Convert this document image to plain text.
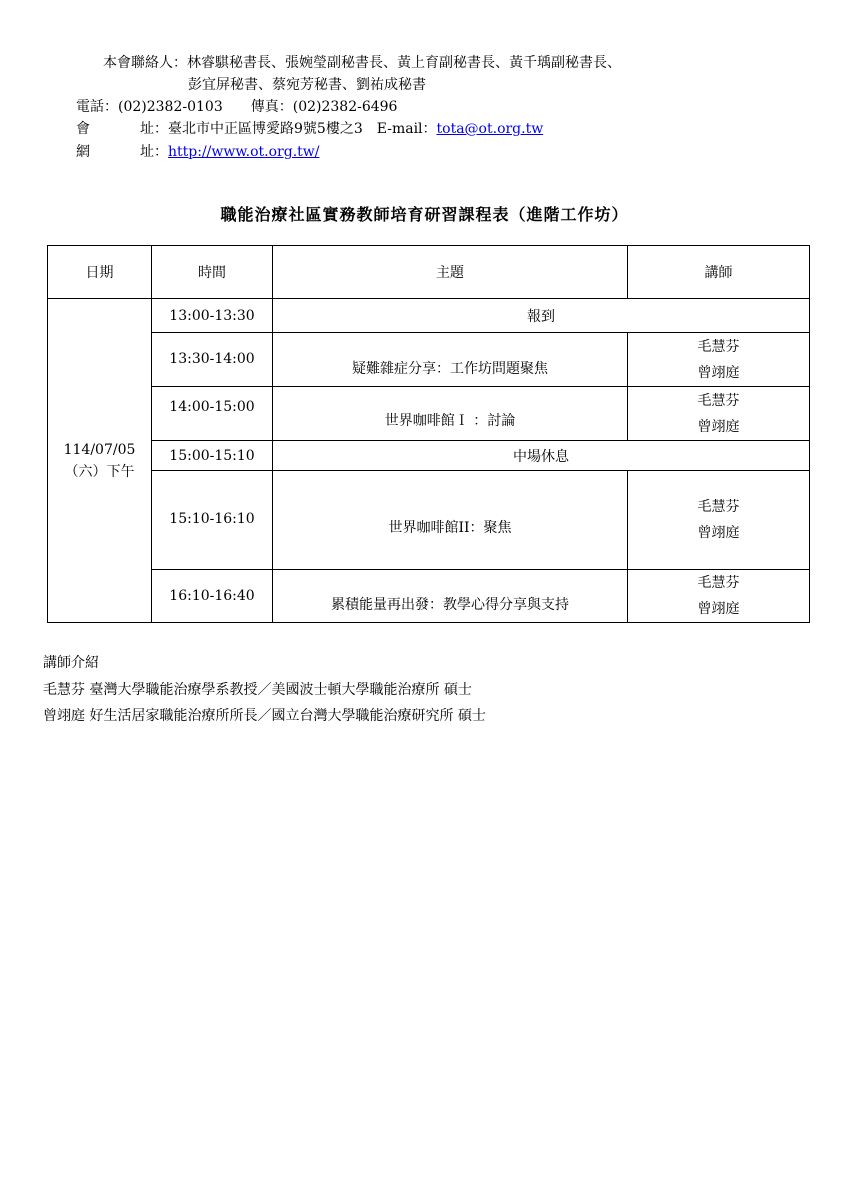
本會聯絡人：林睿騏秘書長、張婉瑩副秘書長、黃上育副秘書長、黃千瑀副秘書長、
彭宜屏秘書、蔡宛芳秘書、劉祐成秘書
電話：(02)2382-0103 傳真：(02)2382-6496
會	址：臺北市中正區博愛路9號5樓之3 E-mail：tota@ot.org.tw
網	址：http://www.ot.org.tw/
職能治療社區實務教師培育研習課程表（進階工作坊）
日期	時間	主題	講師

114/07/05
（六）下午	13:00-13:30	報到	
	13:30-14:00	疑難雜症分享：工作坊問題聚焦	毛慧芬
曾翊庭

	14:00-15:00	世界咖啡館Ｉ ：討論	毛慧芬
曾翊庭

	15:00-15:10	中場休息	
	15:10-16:10	世界咖啡館II：聚焦	毛慧芬
曾翊庭

	16:10-16:40	累積能量再出發：教學心得分享與支持	毛慧芬
曾翊庭
講師介紹
毛慧芬 臺灣大學職能治療學系教授／美國波士頓大學職能治療所 碩士
曾翊庭 好生活居家職能治療所所長／國立台灣大學職能治療研究所 碩士
